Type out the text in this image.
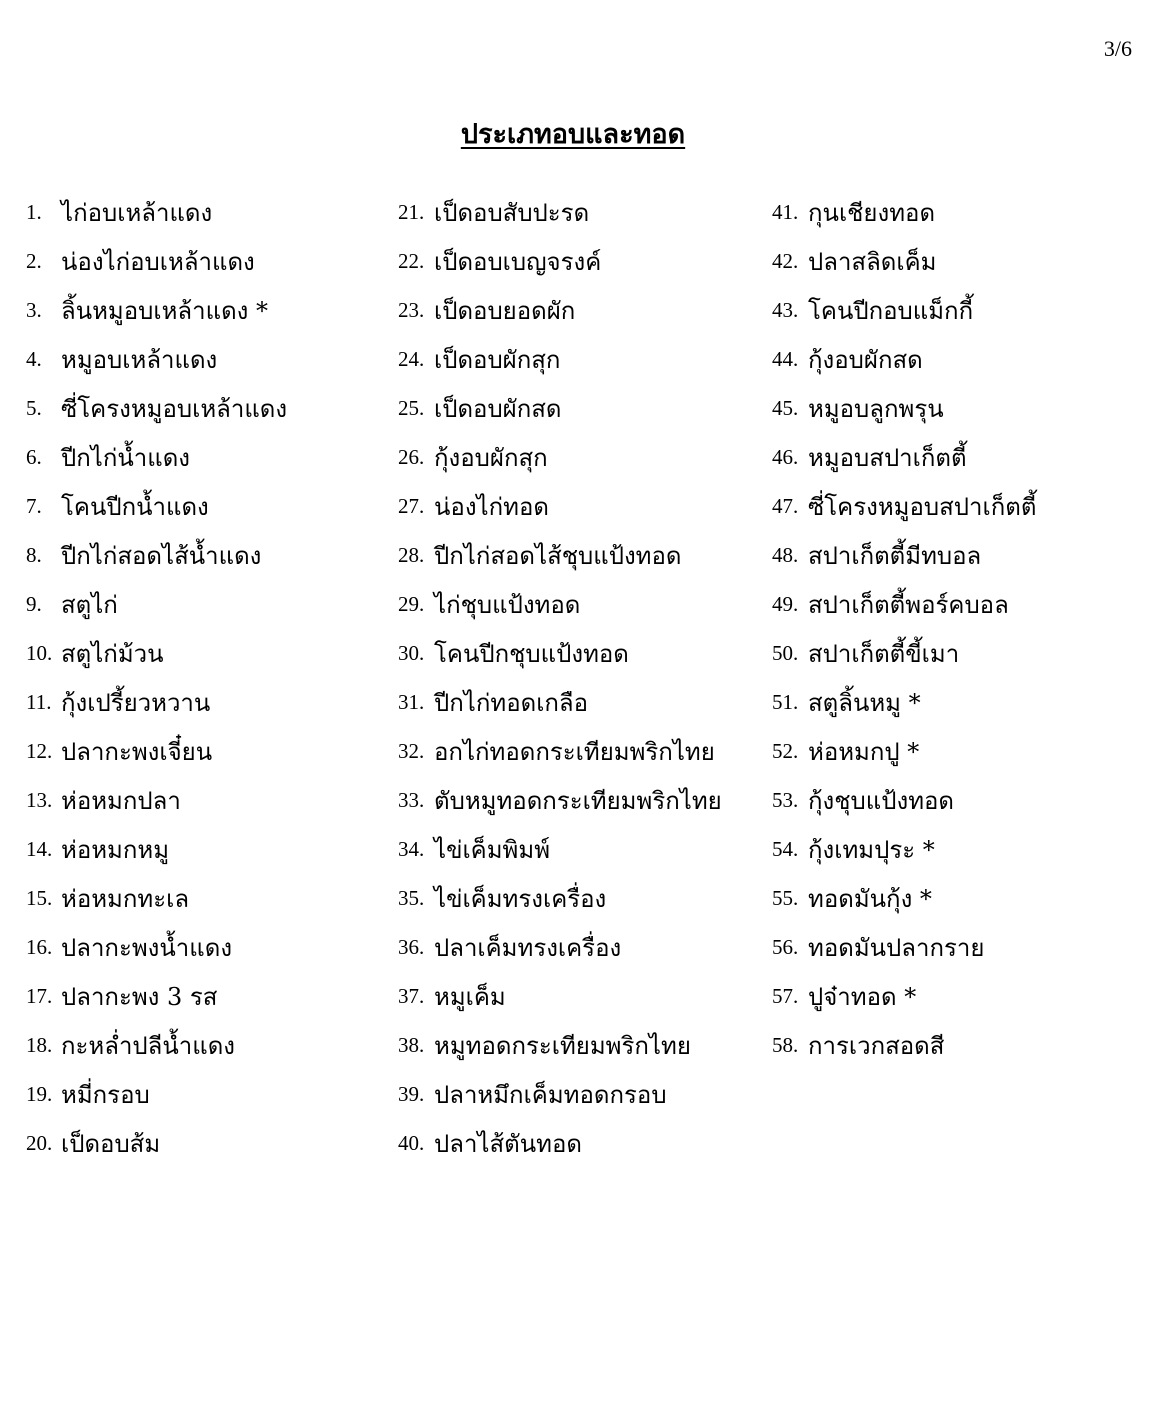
3/6
ประเภทอบและทอด
1. ไก่อบเหล้าแดง
2. น่องไก่อบเหล้าแดง
3. ลิ้นหมูอบเหล้าแดง *
4. หมูอบเหล้าแดง
5. ซี่โครงหมูอบเหล้าแดง
6. ปีกไก่น้ำแดง
7. โคนปีกน้ำแดง
8. ปีกไก่สอดไส้น้ำแดง
9. สตูไก่
10. สตูไก่ม้วน
11. กุ้งเปรี้ยวหวาน
12. ปลากะพงเจี๋ยน
13. ห่อหมกปลา
14. ห่อหมกหมู
15. ห่อหมกทะเล
16. ปลากะพงน้ำแดง
17. ปลากะพง 3 รส
18. กะหล่ำปลีน้ำแดง
19. หมี่กรอบ
20. เป็ดอบส้ม
21. เป็ดอบสับปะรด
22. เป็ดอบเบญจรงค์
23. เป็ดอบยอดผัก
24. เป็ดอบผักสุก
25. เป็ดอบผักสด
26. กุ้งอบผักสุก
27. น่องไก่ทอด
28. ปีกไก่สอดไส้ชุบแป้งทอด
29. ไก่ชุบแป้งทอด
30. โคนปีกชุบแป้งทอด
31. ปีกไก่ทอดเกลือ
32. อกไก่ทอดกระเทียมพริกไทย
33. ตับหมูทอดกระเทียมพริกไทย
34. ไข่เค็มพิมพ์
35. ไข่เค็มทรงเครื่อง
36. ปลาเค็มทรงเครื่อง
37. หมูเค็ม
38. หมูทอดกระเทียมพริกไทย
39. ปลาหมึกเค็มทอดกรอบ
40. ปลาไส้ตันทอด
41. กุนเชียงทอด
42. ปลาสลิดเค็ม
43. โคนปีกอบแม็กกี้
44. กุ้งอบผักสด
45. หมูอบลูกพรุน
46. หมูอบสปาเก็ตตี้
47. ซี่โครงหมูอบสปาเก็ตตี้
48. สปาเก็ตตี้มีทบอล
49. สปาเก็ตตี้พอร์คบอล
50. สปาเก็ตตี้ขี้เมา
51. สตูลิ้นหมู *
52. ห่อหมกปู *
53. กุ้งชุบแป้งทอด
54. กุ้งเทมปุระ *
55. ทอดมันกุ้ง *
56. ทอดมันปลากราย
57. ปูจ๋าทอด *
58. การเวกสอดสี
